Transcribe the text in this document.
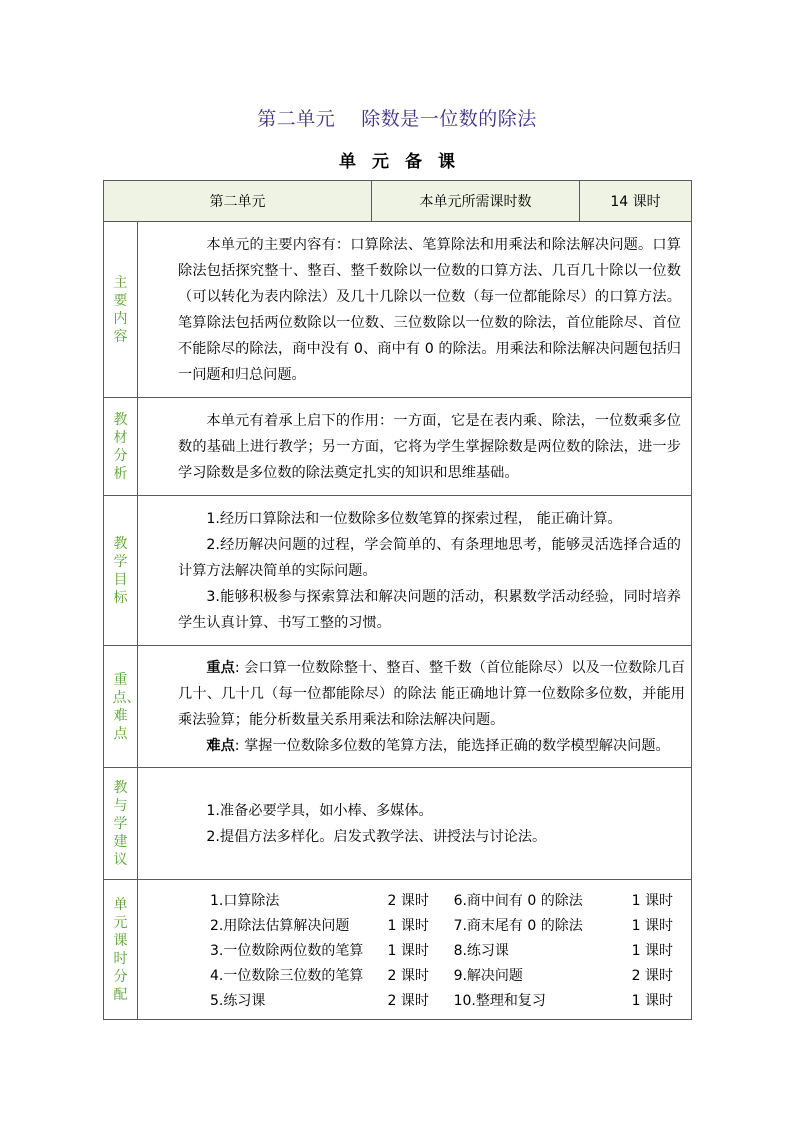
第二单元　 除数是一位数的除法
单元备课
第二单元	本单元所需课时数	14 课时
主要内容	

本单元的主要内容有：口算除法、笔算除法和用乘法和除法解决问题。口算除法包括探究整十、整百、整千数除以一位数的口算方法、几百几十除以一位数（可以转化为表内除法）及几十几除以一位数（每一位都能除尽）的口算方法。笔算除法包括两位数除以一位数、三位数除以一位数的除法，首位能除尽、首位不能除尽的除法，商中没有 0、商中有 0 的除法。用乘法和除法解决问题包括归一问题和归总问题。

教材分析	

本单元有着承上启下的作用：一方面，它是在表内乘、除法，一位数乘多位数的基础上进行教学；另一方面，它将为学生掌握除数是两位数的除法，进一步学习除数是多位数的除法奠定扎实的知识和思维基础。

教学目标	

1.经历口算除法和一位数除多位数笔算的探索过程， 能正确计算。

2.经历解决问题的过程，学会简单的、有条理地思考，能够灵活选择合适的计算方法解决简单的实际问题。

3.能够积极参与探索算法和解决问题的活动，积累数学活动经验，同时培养学生认真计算、书写工整的习惯。

重点、难点	

重点: 会口算一位数除整十、整百、整千数（首位能除尽）以及一位数除几百几十、几十几（每一位都能除尽）的除法 能正确地计算一位数除多位数，并能用乘法验算；能分析数量关系用乘法和除法解决问题。

难点: 掌握一位数除多位数的笔算方法，能选择正确的数学模型解决问题。

教与学建议	

1.准备必要学具，如小棒、多媒体。

2.提倡方法多样化。启发式教学法、讲授法与讨论法。

单元课时分配	
1.口算除法	2 课时	6.商中间有 0 的除法	1 课时
2.用除法估算解决问题	1 课时	7.商末尾有 0 的除法	1 课时
3.一位数除两位数的笔算	1 课时	8.练习课	1 课时
4.一位数除三位数的笔算	2 课时	9.解决问题	2 课时
5.练习课	2 课时	10.整理和复习	1 课时
